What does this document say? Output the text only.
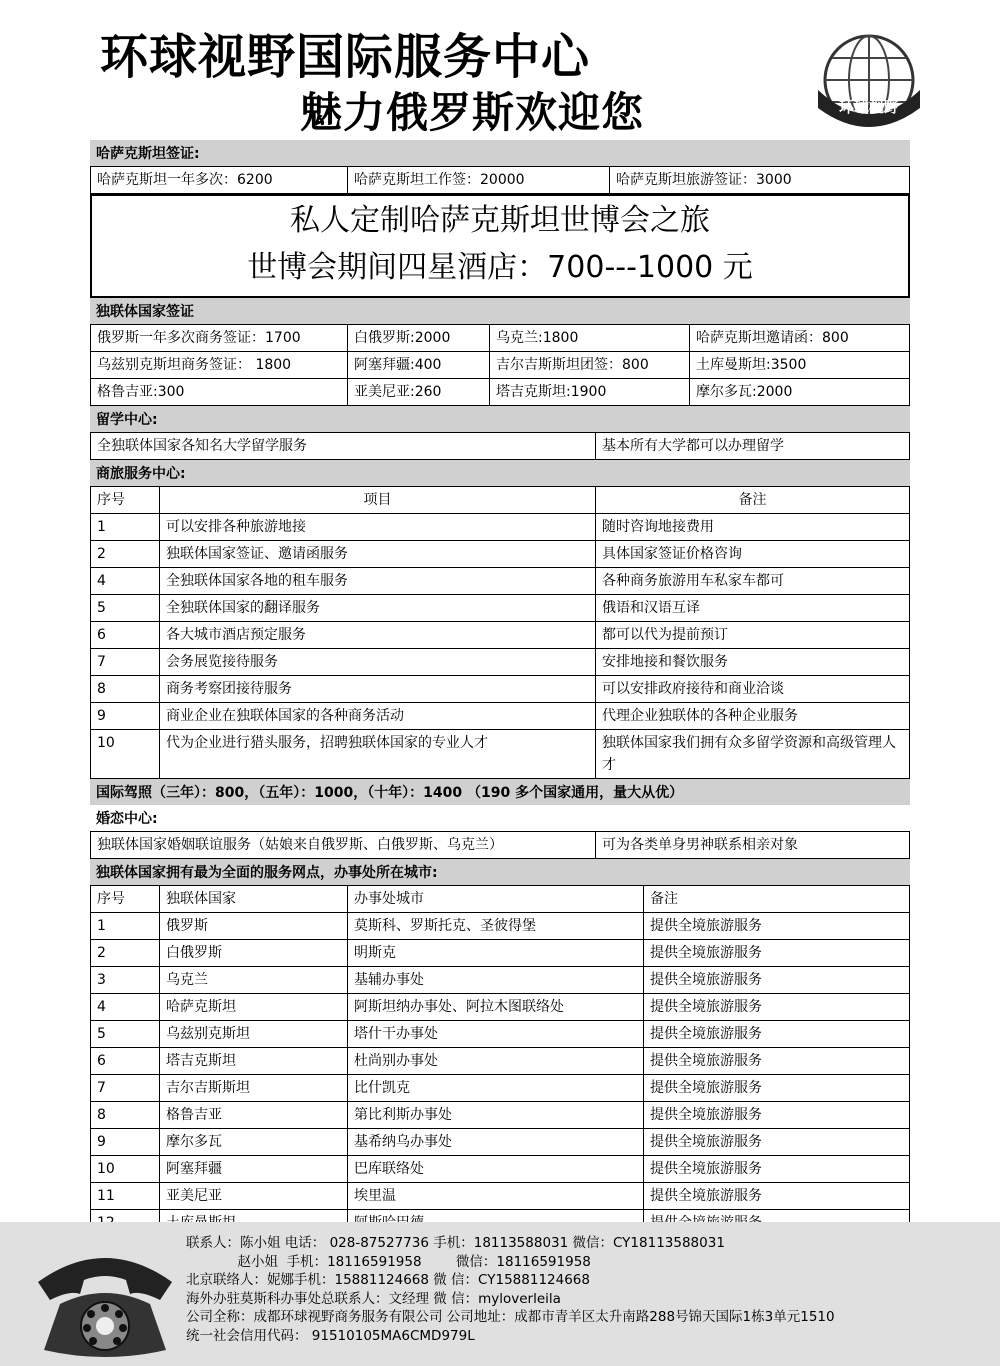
环球视野国际服务中心
魅力俄罗斯欢迎您	环球视野
哈萨克斯坦签证:
哈萨克斯坦一年多次：6200	哈萨克斯坦工作签：20000	哈萨克斯坦旅游签证：3000
私人定制哈萨克斯坦世博会之旅
世博会期间四星酒店：700---1000 元
独联体国家签证
俄罗斯一年多次商务签证：1700	白俄罗斯:2000	乌克兰:1800	哈萨克斯坦邀请函：800
乌兹别克斯坦商务签证： 1800	阿塞拜疆:400	吉尔吉斯斯坦团签：800	土库曼斯坦:3500
格鲁吉亚:300	亚美尼亚:260	塔吉克斯坦:1900	摩尔多瓦:2000
留学中心:
全独联体国家各知名大学留学服务	基本所有大学都可以办理留学
商旅服务中心:
序号	项目	备注
1	可以安排各种旅游地接	随时咨询地接费用
2	独联体国家签证、邀请函服务	具体国家签证价格咨询
4	全独联体国家各地的租车服务	各种商务旅游用车私家车都可
5	全独联体国家的翻译服务	俄语和汉语互译
6	各大城市酒店预定服务	都可以代为提前预订
7	会务展览接待服务	安排地接和餐饮服务
8	商务考察团接待服务	可以安排政府接待和商业洽谈
9	商业企业在独联体国家的各种商务活动	代理企业独联体的各种企业服务
10	代为企业进行猎头服务，招聘独联体国家的专业人才	独联体国家我们拥有众多留学资源和高级管理人才
国际驾照（三年）：800，（五年）：1000，（十年）：1400 （190 多个国家通用，量大从优）
婚恋中心:
独联体国家婚姻联谊服务（姑娘来自俄罗斯、白俄罗斯、乌克兰）	可为各类单身男神联系相亲对象
独联体国家拥有最为全面的服务网点，办事处所在城市:
序号	独联体国家	办事处城市	备注
1	俄罗斯	莫斯科、罗斯托克、圣彼得堡	提供全境旅游服务
2	白俄罗斯	明斯克	提供全境旅游服务
3	乌克兰	基辅办事处	提供全境旅游服务
4	哈萨克斯坦	阿斯坦纳办事处、阿拉木图联络处	提供全境旅游服务
5	乌兹别克斯坦	塔什干办事处	提供全境旅游服务
6	塔吉克斯坦	杜尚别办事处	提供全境旅游服务
7	吉尔吉斯斯坦	比什凯克	提供全境旅游服务
8	格鲁吉亚	第比利斯办事处	提供全境旅游服务
9	摩尔多瓦	基希纳乌办事处	提供全境旅游服务
10	阿塞拜疆	巴库联络处	提供全境旅游服务
11	亚美尼亚	埃里温	提供全境旅游服务
联系人：陈小姐 电话： 028-87527736 手机：18113588031 微信：CY18113588031
赵小姐  手机：18116591958        微信：18116591958
北京联络人：妮娜手机：15881124668 微 信：CY15881124668
海外办驻莫斯科办事处总联系人：文经理 微 信：myloverleila
公司全称：成都环球视野商务服务有限公司 公司地址：成都市青羊区太升南路288号锦天国际1栋3单元1510
统一社会信用代码： 91510105MA6CMD979L
